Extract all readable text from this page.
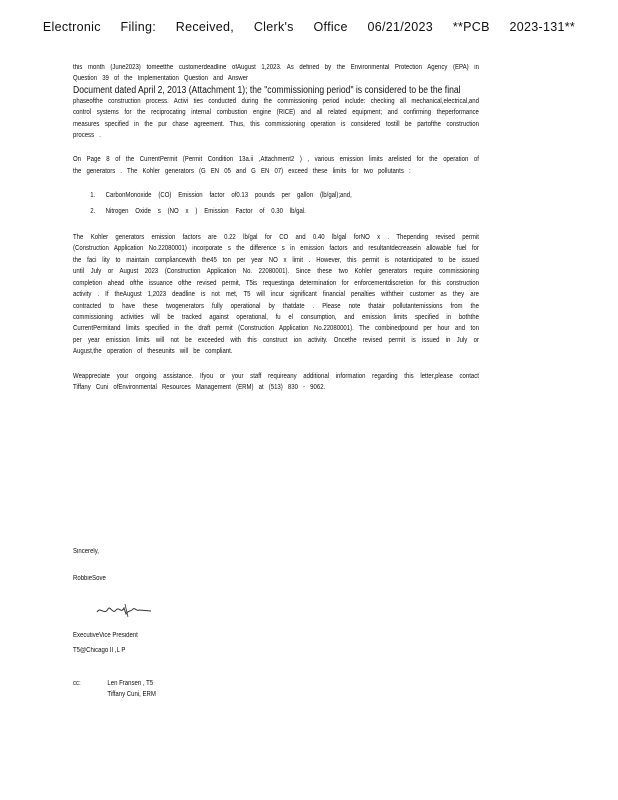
Electronic Filing: Received, Clerk's Office 06/21/2023 **PCB 2023-131**

this month (June2023) tomeetthe customerdeadline ofAugust 1,2023. As defined by the Environmental Protection Agency (EPA) in Question 39 of the Implementation Question and Answer
Document dated April 2, 2013 (Attachment 1); the "commissioning period" is considered to be the final
phaseofthe construction process. Activi ties conducted during the commissioning period include: checking all mechanical,electrical,and control systems for the reciprocating internal combustion engine (RICE) and all related equipment; and confirming theperformance measures specified in the pur chase agreement. Thus, this commissioning operation is considered tostill be partofthe construction process .

On Page 8 of the CurrentPermit (Permit Condition 13a.ii ,Attachment2 ) , various emission limits arelisted for the operation of the generators . The Kohler generators (G EN 05 and G EN 07) exceed these limits for two pollutants :

1. CarbonMonoxide (CO) Emission factor of0.13 pounds per gallon (lb/gal);and,
2. Nitrogen Oxide s (NO x ) Emission Factor of 0.30 lb/gal.

The Kohler generators emission factors are 0.22 lb/gal for CO and 0.40 lb/gal forNO x . Thepending revised permit (Construction Application No.22080001) incorporate s the difference s in emission factors and resultantdecreasein allowable fuel for the faci lity to maintain compliancewith the45 ton per year NO x limit . However, this permit is notanticipated to be issued until July or August 2023 (Construction Application No. 22080001). Since these two Kohler generators require commissioning completion ahead ofthe issuance ofthe revised permit, T5is requestinga determination for enforcementdiscretion for this construction activity . If theAugust 1,2023 deadline is not met, T5 will incur significant financial penalties withtheir customer as they are contracted to have these twogenerators fully operational by thatdate . Please note thatair pollutantemissions from the commissioning activities will be tracked against operational, fu el consumption, and emission limits specified in boththe CurrentPermitand limits specified in the draft permit (Construction Application No.22080001). The combinedpound per hour and ton per year emission limits will not be exceeded with this construct ion activity. Oncethe revised permit is issued in July or August,the operation of theseunits will be compliant.

Weappreciate your ongoing assistance. Ifyou or your staff requireany additional information regarding this letter,please contact Tiffany Cuni ofEnvironmental Resources Management (ERM) at (513) 830 - 9062.

Sincerely,
RobbieSove
ExecutiveVice President
T5@Chicago II ,L P
cc:	Len Fransen , T5
Tiffany Cuni, ERM
